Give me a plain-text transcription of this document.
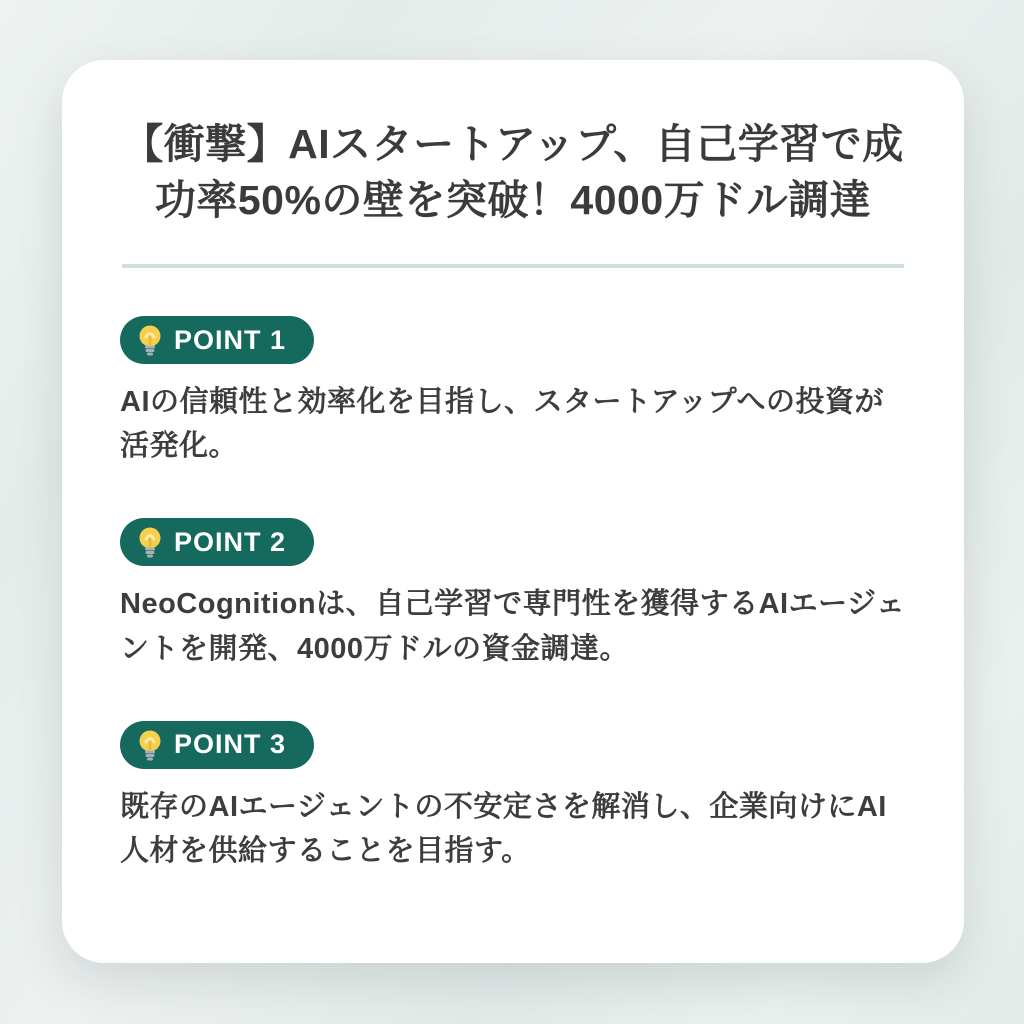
【衝撃】AIスタートアップ、自己学習で成功率50%の壁を突破！4000万ドル調達
POINT 1

AIの信頼性と効率化を目指し、スタートアップへの投資が活発化。

POINT 2

NeoCognitionは、自己学習で専門性を獲得するAIエージェントを開発、4000万ドルの資金調達。

POINT 3

既存のAIエージェントの不安定さを解消し、企業向けにAI人材を供給することを目指す。
